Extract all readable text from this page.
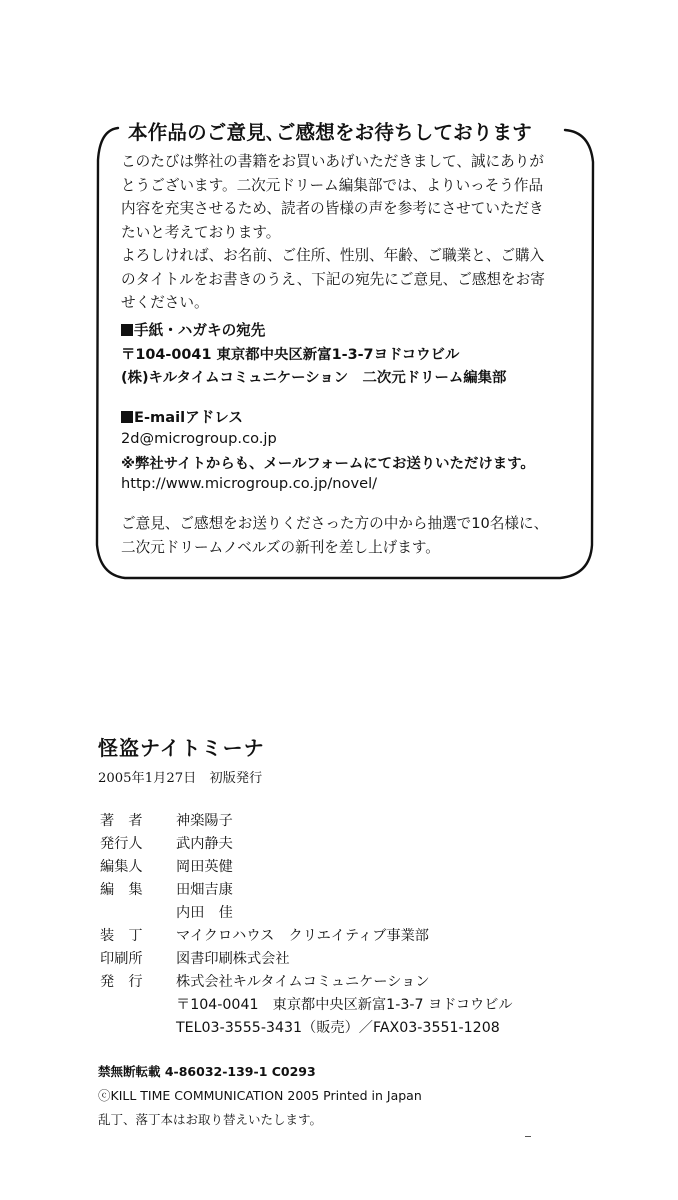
本作品のご意見､ご感想をお待ちしております
このたびは弊社の書籍をお買いあげいただきまして、誠にありが
とうございます。二次元ドリーム編集部では、よりいっそう作品
内容を充実させるため、読者の皆様の声を参考にさせていただき
たいと考えております。
よろしければ、お名前、ご住所、性別、年齢、ご職業と、ご購入
のタイトルをお書きのうえ、下記の宛先にご意見、ご感想をお寄
せください。
手紙・ハガキの宛先
〒104-0041 東京都中央区新富1-3-7ヨドコウビル
(株)キルタイムコミュニケーション　二次元ドリーム編集部
E-mailアドレス
2d@microgroup.co.jp
※弊社サイトからも、メールフォームにてお送りいただけます。
http://www.microgroup.co.jp/novel/
ご意見、ご感想をお送りくださった方の中から抽選で10名様に、
二次元ドリームノベルズの新刊を差し上げます。
怪盗ナイトミーナ
2005年1月27日　初版発行
著　者 神楽陽子
発行人 武内静夫
編集人 岡田英健
編　集 田畑吉康
内田　佳
装　丁 マイクロハウス　クリエイティブ事業部
印刷所 図書印刷株式会社
発　行 株式会社キルタイムコミュニケーション
〒104-0041　東京都中央区新富1-3-7 ヨドコウビル
TEL03-3555-3431（販売）／FAX03-3551-1208
禁無断転載 4-86032-139-1 C0293
ⓒKILL TIME COMMUNICATION 2005 Printed in Japan
乱丁、落丁本はお取り替えいたします。
